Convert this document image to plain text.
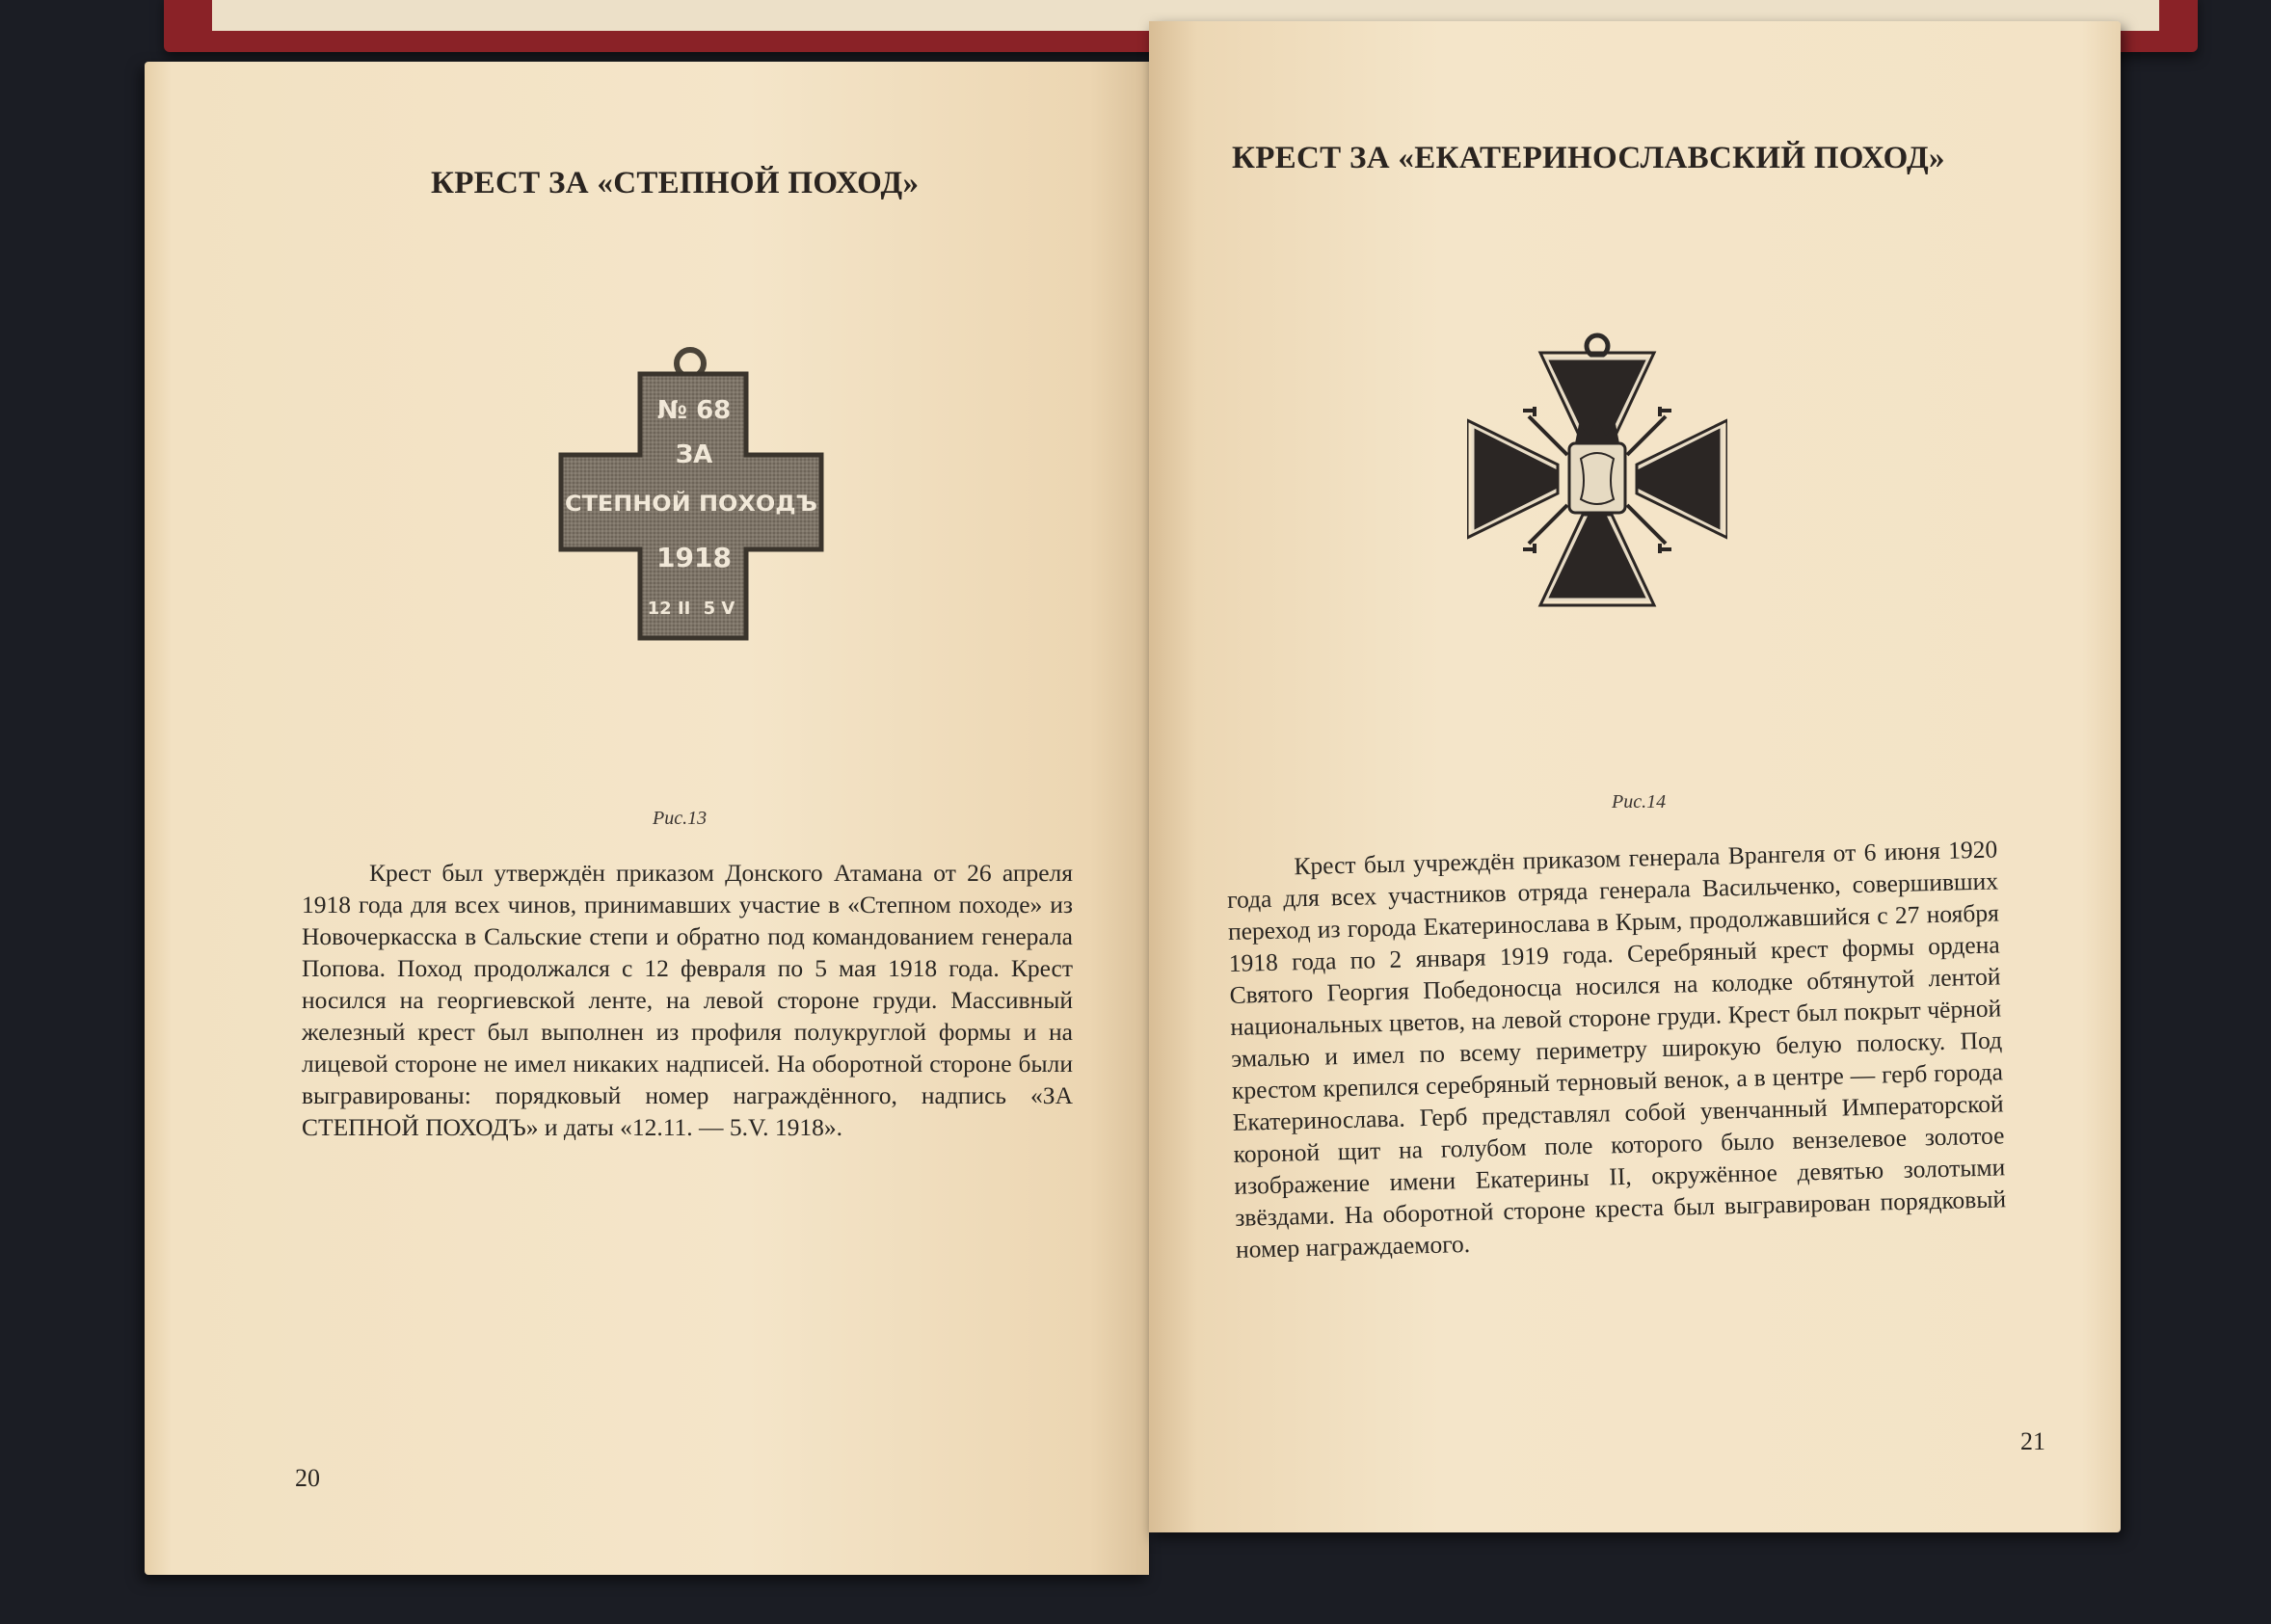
КРЕСТ ЗА «СТЕПНОЙ ПОХОД»
№ 68
ЗА
СТЕПНОЙ ПОХОДЪ
1918
12 II 5 V
Рис.13

Крест был утверждён приказом Донского Атамана от 26 апреля 1918 года для всех чинов, принимавших участие в «Степном походе» из Новочеркасска в Сальские степи и обратно под командованием генерала Попова. Поход продолжался с 12 февраля по 5 мая 1918 года. Крест носился на георгиевской ленте, на левой стороне груди. Массивный железный крест был выполнен из профиля полукруглой формы и на лицевой стороне не имел никаких надписей. На оборотной стороне были выгравированы: порядковый номер награждённого, надпись «ЗА СТЕПНОЙ ПОХОДЪ» и даты «12.11. — 5.V. 1918».

20
КРЕСТ ЗА «ЕКАТЕРИНОСЛАВСКИЙ ПОХОД»
Рис.14

Крест был учреждён приказом генерала Врангеля от 6 июня 1920 года для всех участников отряда генерала Васильченко, совершивших переход из города Екатеринослава в Крым, продолжавшийся с 27 ноября 1918 года по 2 января 1919 года. Серебряный крест формы ордена Святого Георгия Победоносца носился на колодке обтянутой лентой национальных цветов, на левой стороне груди. Крест был покрыт чёрной эмалью и имел по всему периметру широкую белую полоску. Под крестом крепился серебряный терновый венок, а в центре — герб города Екатеринослава. Герб представлял собой увенчанный Императорской короной щит на голубом поле которого было вензелевое золотое изображение имени Екатерины II, окружённое девятью золотыми звёздами. На оборотной стороне креста был выгравирован порядковый номер награждаемого.

21
